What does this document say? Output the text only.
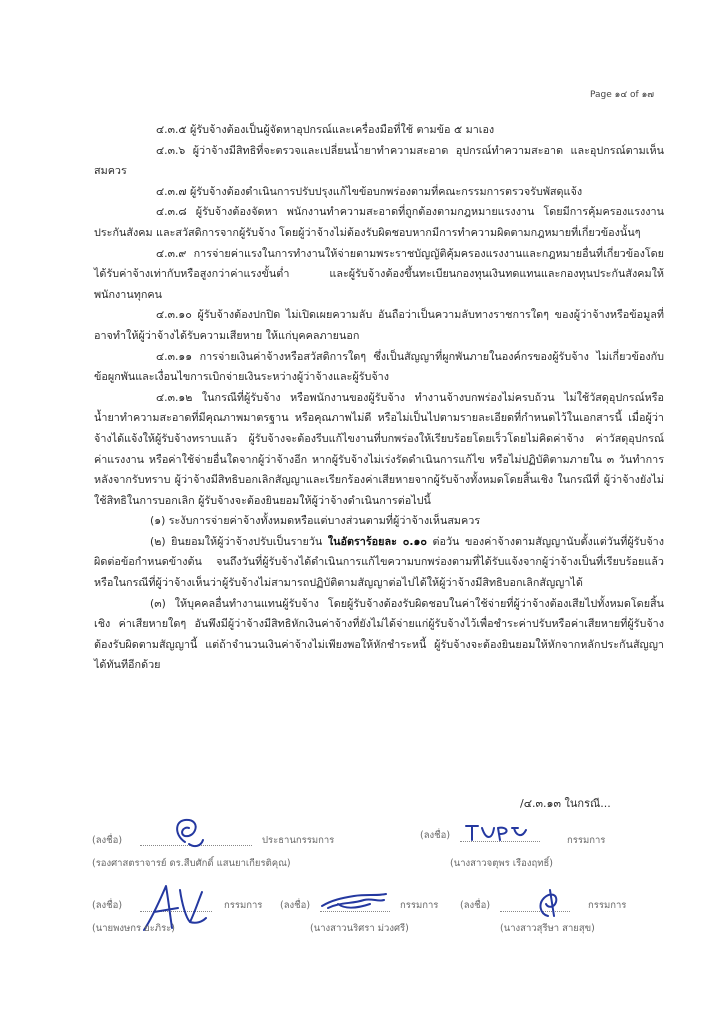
Page ๑๔ of ๑๗

๔.๓.๕ ผู้รับจ้างต้องเป็นผู้จัดหาอุปกรณ์และเครื่องมือที่ใช้ ตามข้อ ๕ มาเอง

๔.๓.๖ ผู้ว่าจ้างมีสิทธิที่จะตรวจและเปลี่ยนน้ำยาทำความสะอาด อุปกรณ์ทำความสะอาด และอุปกรณ์ตามเห็นสมควร

๔.๓.๗ ผู้รับจ้างต้องดำเนินการปรับปรุงแก้ไขข้อบกพร่องตามที่คณะกรรมการตรวจรับพัสดุแจ้ง

๔.๓.๘ ผู้รับจ้างต้องจัดหา พนักงานทำความสะอาดที่ถูกต้องตามกฎหมายแรงงาน โดยมีการคุ้มครองแรงงานประกันสังคม และสวัสดิการจากผู้รับจ้าง โดยผู้ว่าจ้างไม่ต้องรับผิดชอบหากมีการทำความผิดตามกฎหมายที่เกี่ยวข้องนั้นๆ

๔.๓.๙ การจ่ายค่าแรงในการทำงานให้จ่ายตามพระราชบัญญัติคุ้มครองแรงงานและกฎหมายอื่นที่เกี่ยวข้องโดยได้รับค่าจ้างเท่ากับหรือสูงกว่าค่าแรงขั้นต่ำ และผู้รับจ้างต้องขึ้นทะเบียนกองทุนเงินทดแทนและกองทุนประกันสังคมให้พนักงานทุกคน

๔.๓.๑๐ ผู้รับจ้างต้องปกปิด ไม่เปิดเผยความลับ อันถือว่าเป็นความลับทางราชการใดๆ ของผู้ว่าจ้างหรือข้อมูลที่อาจทำให้ผู้ว่าจ้างได้รับความเสียหาย ให้แก่บุคคลภายนอก

๔.๓.๑๑ การจ่ายเงินค่าจ้างหรือสวัสดิการใดๆ ซึ่งเป็นสัญญาที่ผูกพันภายในองค์กรของผู้รับจ้าง ไม่เกี่ยวข้องกับข้อผูกพันและเงื่อนไขการเบิกจ่ายเงินระหว่างผู้ว่าจ้างและผู้รับจ้าง

๔.๓.๑๒ ในกรณีที่ผู้รับจ้าง หรือพนักงานของผู้รับจ้าง ทำงานจ้างบกพร่องไม่ครบถ้วน ไม่ใช้วัสดุอุปกรณ์หรือน้ำยาทำความสะอาดที่มีคุณภาพมาตรฐาน หรือคุณภาพไม่ดี หรือไม่เป็นไปตามรายละเอียดที่กำหนดไว้ในเอกสารนี้ เมื่อผู้ว่าจ้างได้แจ้งให้ผู้รับจ้างทราบแล้ว ผู้รับจ้างจะต้องรีบแก้ไขงานที่บกพร่องให้เรียบร้อยโดยเร็วโดยไม่คิดค่าจ้าง ค่าวัสดุอุปกรณ์ ค่าแรงงาน หรือค่าใช้จ่ายอื่นใดจากผู้ว่าจ้างอีก หากผู้รับจ้างไม่เร่งรัดดำเนินการแก้ไข หรือไม่ปฏิบัติตามภายใน ๓ วันทำการ หลังจากรับทราบ ผู้ว่าจ้างมีสิทธิบอกเลิกสัญญาและเรียกร้องค่าเสียหายจากผู้รับจ้างทั้งหมดโดยสิ้นเชิง ในกรณีที่ ผู้ว่าจ้างยังไม่ใช้สิทธิในการบอกเลิก ผู้รับจ้างจะต้องยินยอมให้ผู้ว่าจ้างดำเนินการต่อไปนี้

(๑) ระงับการจ่ายค่าจ้างทั้งหมดหรือแต่บางส่วนตามที่ผู้ว่าจ้างเห็นสมควร

(๒) ยินยอมให้ผู้ว่าจ้างปรับเป็นรายวัน ในอัตราร้อยละ ๐.๑๐ ต่อวัน ของค่าจ้างตามสัญญานับตั้งแต่วันที่ผู้รับจ้างผิดต่อข้อกำหนดข้างต้น จนถึงวันที่ผู้รับจ้างได้ดำเนินการแก้ไขความบกพร่องตามที่ได้รับแจ้งจากผู้ว่าจ้างเป็นที่เรียบร้อยแล้ว หรือในกรณีที่ผู้ว่าจ้างเห็นว่าผู้รับจ้างไม่สามารถปฏิบัติตามสัญญาต่อไปได้ให้ผู้ว่าจ้างมีสิทธิบอกเลิกสัญญาได้

(๓) ให้บุคคลอื่นทำงานแทนผู้รับจ้าง โดยผู้รับจ้างต้องรับผิดชอบในค่าใช้จ่ายที่ผู้ว่าจ้างต้องเสียไปทั้งหมดโดยสิ้นเชิง ค่าเสียหายใดๆ อันพึงมีผู้ว่าจ้างมีสิทธิหักเงินค่าจ้างที่ยังไม่ได้จ่ายแก่ผู้รับจ้างไว้เพื่อชำระค่าปรับหรือค่าเสียหายที่ผู้รับจ้างต้องรับผิดตามสัญญานี้ แต่ถ้าจำนวนเงินค่าจ้างไม่เพียงพอให้หักชำระหนี้ ผู้รับจ้างจะต้องยินยอมให้หักจากหลักประกันสัญญาได้ทันทีอีกด้วย

/๔.๓.๑๓ ในกรณี...
(ลงชื่อ)	ประธานกรรมการ
(รองศาสตราจารย์ ดร.สืบศักดิ์ แสนยาเกียรติคุณ)
(ลงชื่อ)	กรรมการ
(นางสาวจตุพร เรืองฤทธิ์)
(ลงชื่อ)	กรรมการ
(นายพงษกร ยะภิระ)
(ลงชื่อ)	กรรมการ
(นางสาวนริศรา ม่วงศรี)
(ลงชื่อ)	กรรมการ
(นางสาวสุรีษา สายสุข)
